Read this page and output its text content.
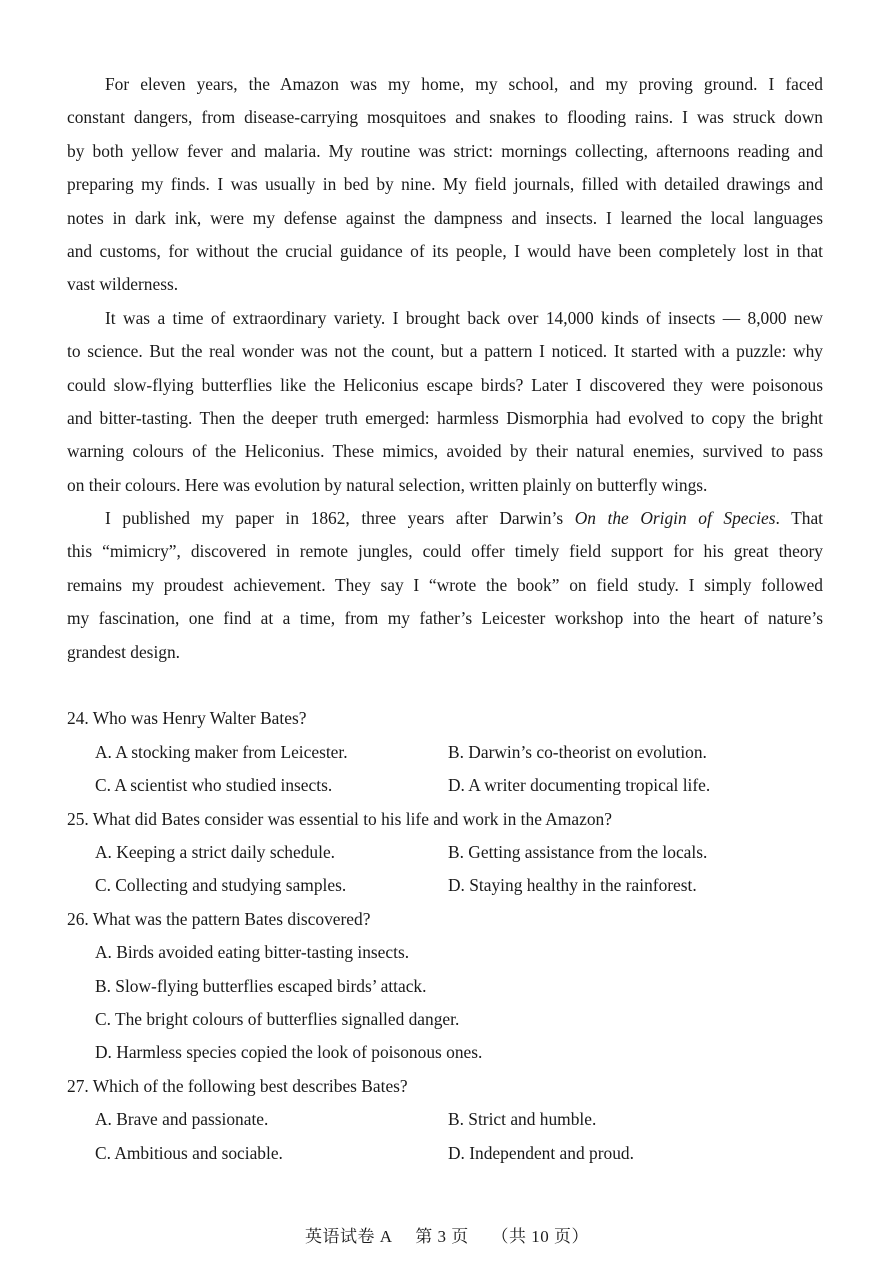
For eleven years, the Amazon was my home, my school, and my proving ground. I faced
constant dangers, from disease-carrying mosquitoes and snakes to flooding rains. I was struck down
by both yellow fever and malaria. My routine was strict: mornings collecting, afternoons reading and
preparing my finds. I was usually in bed by nine. My field journals, filled with detailed drawings and
notes in dark ink, were my defense against the dampness and insects. I learned the local languages
and customs, for without the crucial guidance of its people, I would have been completely lost in that
vast wilderness.
It was a time of extraordinary variety. I brought back over 14,000 kinds of insects — 8,000 new
to science. But the real wonder was not the count, but a pattern I noticed. It started with a puzzle: why
could slow-flying butterflies like the Heliconius escape birds? Later I discovered they were poisonous
and bitter-tasting. Then the deeper truth emerged: harmless Dismorphia had evolved to copy the bright
warning colours of the Heliconius. These mimics, avoided by their natural enemies, survived to pass
on their colours. Here was evolution by natural selection, written plainly on butterfly wings.
I published my paper in 1862, three years after Darwin’s On the Origin of Species. That
this “mimicry”, discovered in remote jungles, could offer timely field support for his great theory
remains my proudest achievement. They say I “wrote the book” on field study. I simply followed
my fascination, one find at a time, from my father’s Leicester workshop into the heart of nature’s
grandest design.
24. Who was Henry Walter Bates?
A. A stocking maker from Leicester.	B. Darwin’s co-theorist on evolution.
C. A scientist who studied insects.	D. A writer documenting tropical life.
25. What did Bates consider was essential to his life and work in the Amazon?
A. Keeping a strict daily schedule.	B. Getting assistance from the locals.
C. Collecting and studying samples.	D. Staying healthy in the rainforest.
26. What was the pattern Bates discovered?
A. Birds avoided eating bitter-tasting insects.
B. Slow-flying butterflies escaped birds’ attack.
C. The bright colours of butterflies signalled danger.
D. Harmless species copied the look of poisonous ones.
27. Which of the following best describes Bates?
A. Brave and passionate.	B. Strict and humble.
C. Ambitious and sociable.	D. Independent and proud.
英语试卷 A 第 3 页 （共 10 页）
